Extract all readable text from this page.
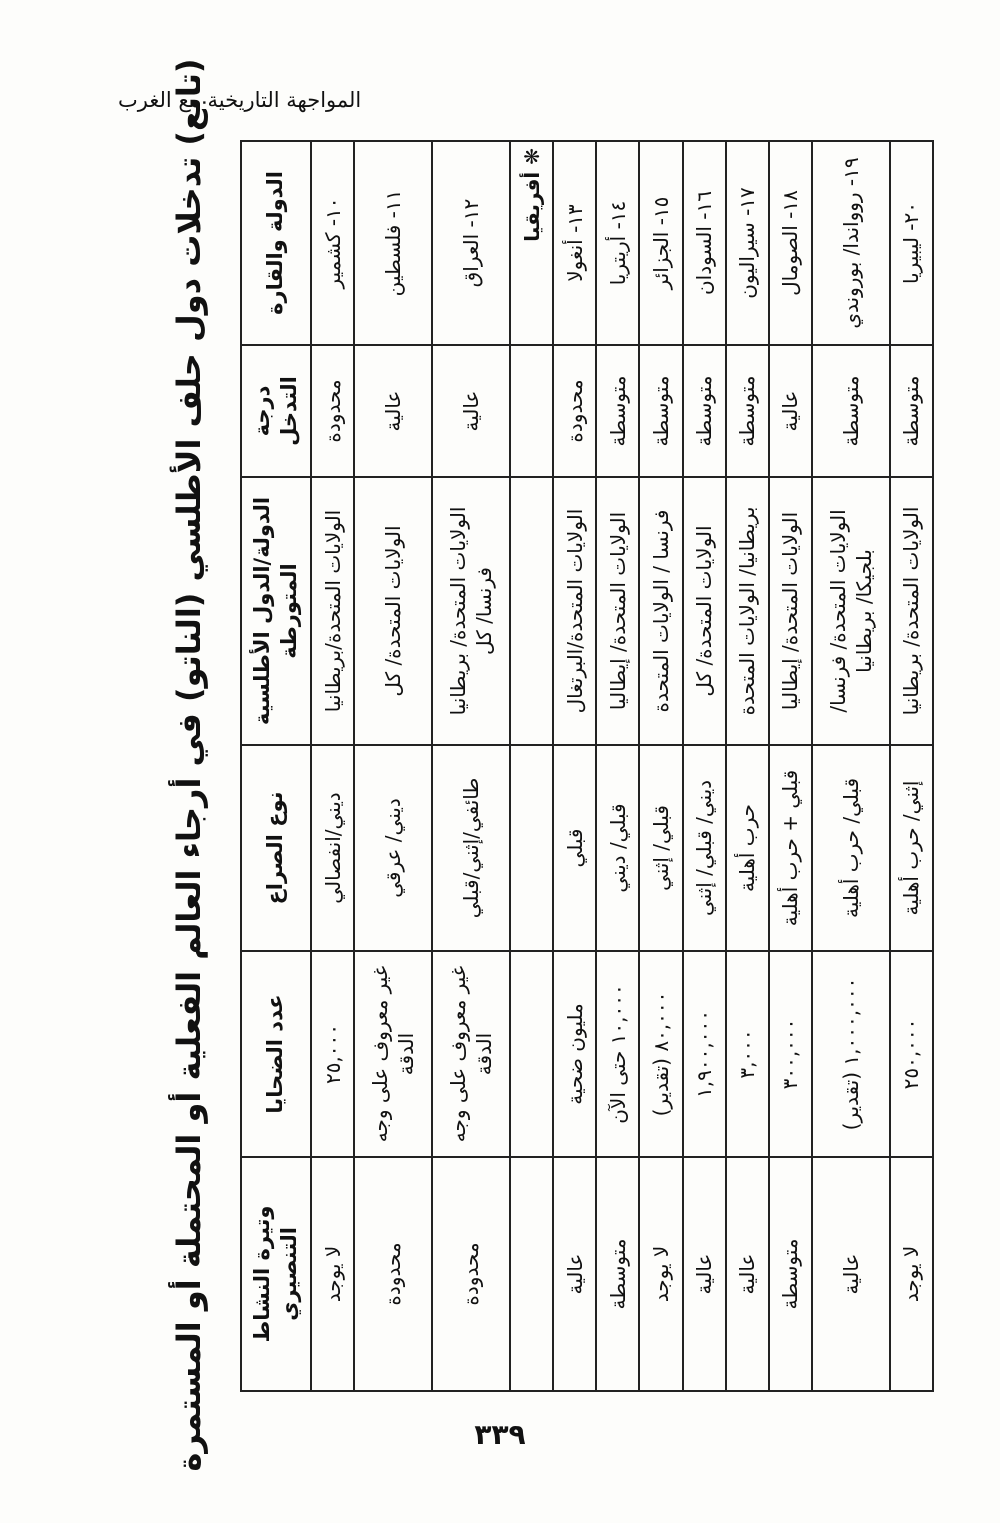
المواجهة التاريخية مع الغرب
(تابع) تدخلات دول حلف الأطلسي (الناتو) في أرجاء العالم الفعلية أو المحتملة أو المستمرة	الدولة والقارة	درجة التدخل	الدولة/الدول الأطلسية المتورطة	نوع الصراع	عدد الضحايا	وتيرة النشاط التنصيري
١٠- كشمير	محدودة	الولايات المتحدة/بريطانيا	ديني/انفصالي	٢٥,٠٠٠	لا يوجد
١١- فلسطين	عالية	الولايات المتحدة/ كل	ديني/ عرقي	غير معروف على وجه الدقة	محدودة
١٢- العراق	عالية	الولايات المتحدة/ بريطانيا فرنسا/ كل	طائفي/إثني/قبلي	غير معروف على وجه الدقة	محدودة
❋ أفريقيا					
١٣- أنغولا	محدودة	الولايات المتحدة/البرتغال	قبلي	مليون ضحية	عالية
١٤- أريتريا	متوسطة	الولايات المتحدة/ إيطاليا	قبلي/ ديني	١٠,٠٠٠ حتى الآن	متوسطة
١٥- الجزائر	متوسطة	فرنسا / الولايات المتحدة	قبلي/ إثني	٨٠,٠٠٠ (تقدير)	لا يوجد
١٦- السودان	متوسطة	الولايات المتحدة/ كل	ديني/ قبلي/ إثني	١,٩٠٠,٠٠٠	عالية
١٧- سيراليون	متوسطة	بريطانيا/ الولايات المتحدة	حرب أهلية	٣,٠٠٠	عالية
١٨- الصومال	عالية	الولايات المتحدة/ إيطاليا	قبلي + حرب أهلية	٣٠٠,٠٠٠	متوسطة
١٩- روواندا/ بوروندي	متوسطة	الولايات المتحدة/ فرنسا/ بلجيكا/ بريطانيا	قبلي/ حرب أهلية	١,٠٠٠,٠٠٠ (تقدير)	عالية
٢٠- ليبيريا	متوسطة	الولايات المتحدة/ بريطانيا	إثني/ حرب أهلية	٢٥٠,٠٠٠	لا يوجد
٣٣٩
